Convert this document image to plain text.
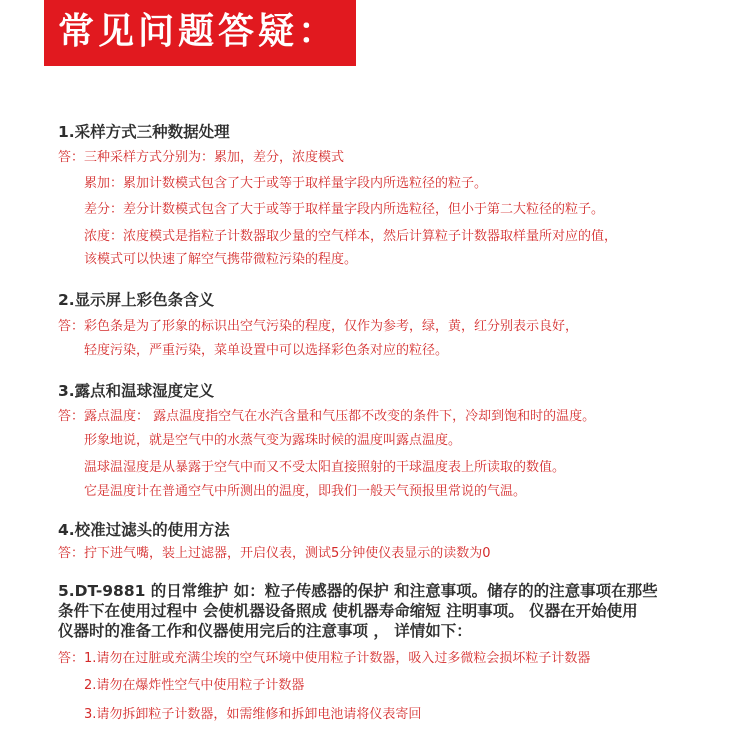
常见问题答疑：
1.采样方式三种数据处理
答：三种采样方式分别为：累加，差分，浓度模式
累加：累加计数模式包含了大于或等于取样量字段内所选粒径的粒子。
差分：差分计数模式包含了大于或等于取样量字段内所选粒径，但小于第二大粒径的粒子。
浓度：浓度模式是指粒子计数器取少量的空气样本，然后计算粒子计数器取样量所对应的值，
该模式可以快速了解空气携带微粒污染的程度。
2.显示屏上彩色条含义
答：彩色条是为了形象的标识出空气污染的程度，仅作为参考，绿，黄，红分别表示良好，
轻度污染，严重污染，菜单设置中可以选择彩色条对应的粒径。
3.露点和温球湿度定义
答：露点温度： 露点温度指空气在水汽含量和气压都不改变的条件下，冷却到饱和时的温度。
形象地说，就是空气中的水蒸气变为露珠时候的温度叫露点温度。
温球温湿度是从暴露于空气中而又不受太阳直接照射的干球温度表上所读取的数值。
它是温度计在普通空气中所测出的温度，即我们一般天气预报里常说的气温。
4.校准过滤头的使用方法
答：拧下进气嘴，装上过滤器，开启仪表，测试5分钟使仪表显示的读数为0
5.DT-9881 的日常维护 如：粒子传感器的保护 和注意事项。储存的的注意事项在那些
条件下在使用过程中 会使机器设备照成 使机器寿命缩短 注明事项。 仪器在开始使用
仪器时的准备工作和仪器使用完后的注意事项 ， 详情如下：
答：1.请勿在过脏或充满尘埃的空气环境中使用粒子计数器，吸入过多微粒会损坏粒子计数器
2.请勿在爆炸性空气中使用粒子计数器
3.请勿拆卸粒子计数器，如需维修和拆卸电池请将仪表寄回
